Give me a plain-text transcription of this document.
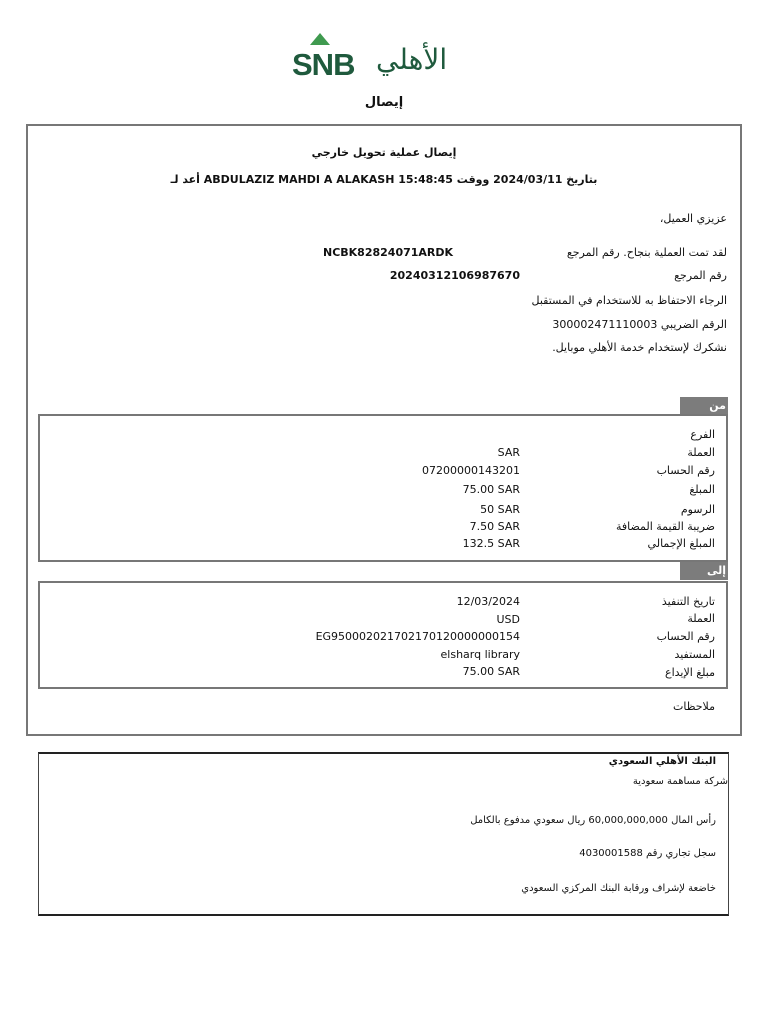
SNB الأهلي
إيصال
إيصال عملية تحويل خارجي
أعد لـ ABDULAZIZ MAHDI A ALAKASH بتاريخ 2024/03/11 ووقت 15:48:45
عزيزي العميل،
لقد تمت العملية بنجاح. رقم المرجع
NCBK82824071ARDK
رقم المرجع
20240312106987670
الرجاء الاحتفاظ به للاستخدام في المستقبل
الرقم الضريبي 300002471110003
نشكرك لإستخدام خدمة الأهلي موبايل.
من
الفرع
العملة
SAR
رقم الحساب
07200000143201
المبلغ
75.00 SAR
الرسوم
50 SAR
ضريبة القيمة المضافة
7.50 SAR
المبلغ الإجمالي
132.5 SAR
إلى
تاريخ التنفيذ
12/03/2024
العملة
USD
رقم الحساب
EG950002021702170120000000154
المستفيد
elsharq library
مبلغ الإيداع
75.00 SAR
ملاحظات
البنك الأهلي السعودي
شركة مساهمة سعودية
رأس المال 60,000,000,000 ريال سعودي مدفوع بالكامل
سجل تجاري رقم 4030001588
خاضعة لإشراف ورقابة البنك المركزي السعودي
